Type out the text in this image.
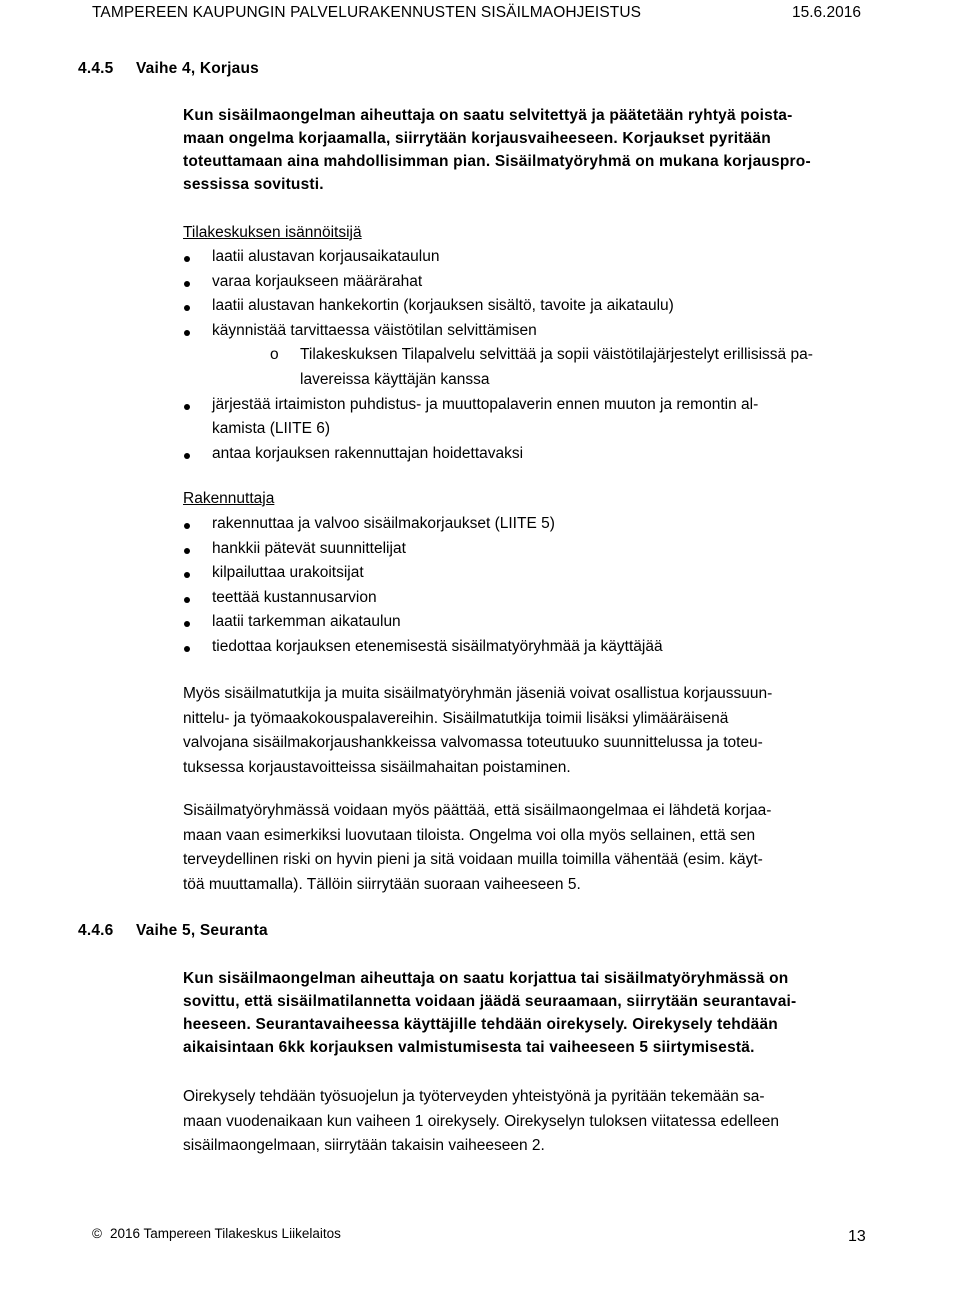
TAMPEREEN KAUPUNGIN PALVELURAKENNUSTEN SISÄILMAOHJEISTUS	15.6.2016
4.4.5 Vaihe 4, Korjaus

Kun sisäilmaongelman aiheuttaja on saatu selvitettyä ja päätetään ryhtyä poista-

maan ongelma korjaamalla, siirrytään korjausvaiheeseen. Korjaukset pyritään

toteuttamaan aina mahdollisimman pian. Sisäilmatyöryhmä on mukana korjauspro-

sessissa sovitusti.

Tilakeskuksen isännöitsijä
laatii alustavan korjausaikataulun
varaa korjaukseen määrärahat
laatii alustavan hankekortin (korjauksen sisältö, tavoite ja aikataulu)
käynnistää tarvittaessa väistötilan selvittämisen
o Tilakeskuksen Tilapalvelu selvittää ja sopii väistötilajärjestelyt erillisissä pa-
lavereissa käyttäjän kanssa
järjestää irtaimiston puhdistus- ja muuttopalaverin ennen muuton ja remontin al-
kamista (LIITE 6)
antaa korjauksen rakennuttajan hoidettavaksi
Rakennuttaja
rakennuttaa ja valvoo sisäilmakorjaukset (LIITE 5)
hankkii pätevät suunnittelijat
kilpailuttaa urakoitsijat
teettää kustannusarvion
laatii tarkemman aikataulun
tiedottaa korjauksen etenemisestä sisäilmatyöryhmää ja käyttäjää
Myös sisäilmatutkija ja muita sisäilmatyöryhmän jäseniä voivat osallistua korjaussuun-
nittelu- ja työmaakokouspalavereihin. Sisäilmatutkija toimii lisäksi ylimääräisenä
valvojana sisäilmakorjaushankkeissa valvomassa toteutuuko suunnittelussa ja toteu-
tuksessa korjaustavoitteissa sisäilmahaitan poistaminen.
Sisäilmatyöryhmässä voidaan myös päättää, että sisäilmaongelmaa ei lähdetä korjaa-
maan vaan esimerkiksi luovutaan tiloista. Ongelma voi olla myös sellainen, että sen
terveydellinen riski on hyvin pieni ja sitä voidaan muilla toimilla vähentää (esim. käyt-
töä muuttamalla). Tällöin siirrytään suoraan vaiheeseen 5.
4.4.6 Vaihe 5, Seuranta

Kun sisäilmaongelman aiheuttaja on saatu korjattua tai sisäilmatyöryhmässä on

sovittu, että sisäilmatilannetta voidaan jäädä seuraamaan, siirrytään seurantavai-

heeseen. Seurantavaiheessa käyttäjille tehdään oirekysely. Oirekysely tehdään

aikaisintaan 6kk korjauksen valmistumisesta tai vaiheeseen 5 siirtymisestä.

Oirekysely tehdään työsuojelun ja työterveyden yhteistyönä ja pyritään tekemään sa-
maan vuodenaikaan kun vaiheen 1 oirekysely. Oirekyselyn tuloksen viitatessa edelleen
sisäilmaongelmaan, siirrytään takaisin vaiheeseen 2.
© 2016 Tampereen Tilakeskus Liikelaitos	13
